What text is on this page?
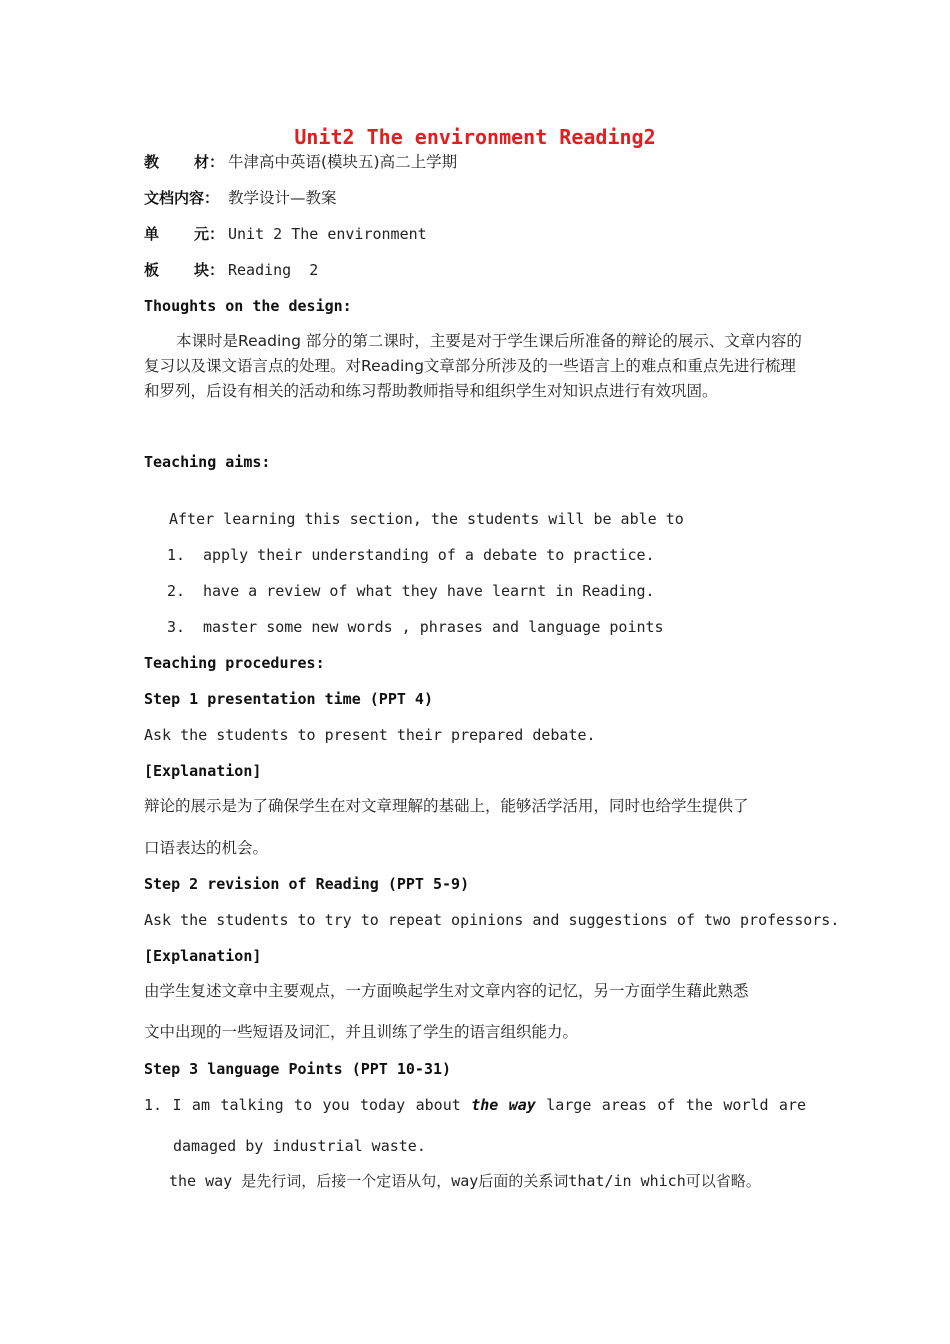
Unit2 The environment Reading2
教 材： 牛津高中英语(模块五)高二上学期
文档内容： 教学设计—教案
单 元： Unit 2 The environment
板 块： Reading  2
Thoughts on the design:
本课时是Reading 部分的第二课时，主要是对于学生课后所准备的辩论的展示、文章内容的复习以及课文语言点的处理。对Reading文章部分所涉及的一些语言上的难点和重点先进行梳理和罗列，后设有相关的活动和练习帮助教师指导和组织学生对知识点进行有效巩固。
Teaching aims:
After learning this section, the students will be able to
1. apply their understanding of a debate to practice.
2. have a review of what they have learnt in Reading.
3. master some new words , phrases and language points
Teaching procedures:
Step 1 presentation time (PPT 4)
Ask the students to present their prepared debate.
[Explanation]
辩论的展示是为了确保学生在对文章理解的基础上，能够活学活用，同时也给学生提供了
口语表达的机会。
Step 2 revision of Reading (PPT 5-9)
Ask the students to try to repeat opinions and suggestions of two professors.
[Explanation]
由学生复述文章中主要观点，一方面唤起学生对文章内容的记忆，另一方面学生藉此熟悉
文中出现的一些短语及词汇，并且训练了学生的语言组织能力。
Step 3 language Points (PPT 10-31)
1. I am talking to you today about the way large areas of the world are
damaged by industrial waste.
the way 是先行词，后接一个定语从句，way后面的关系词that/in which可以省略。
